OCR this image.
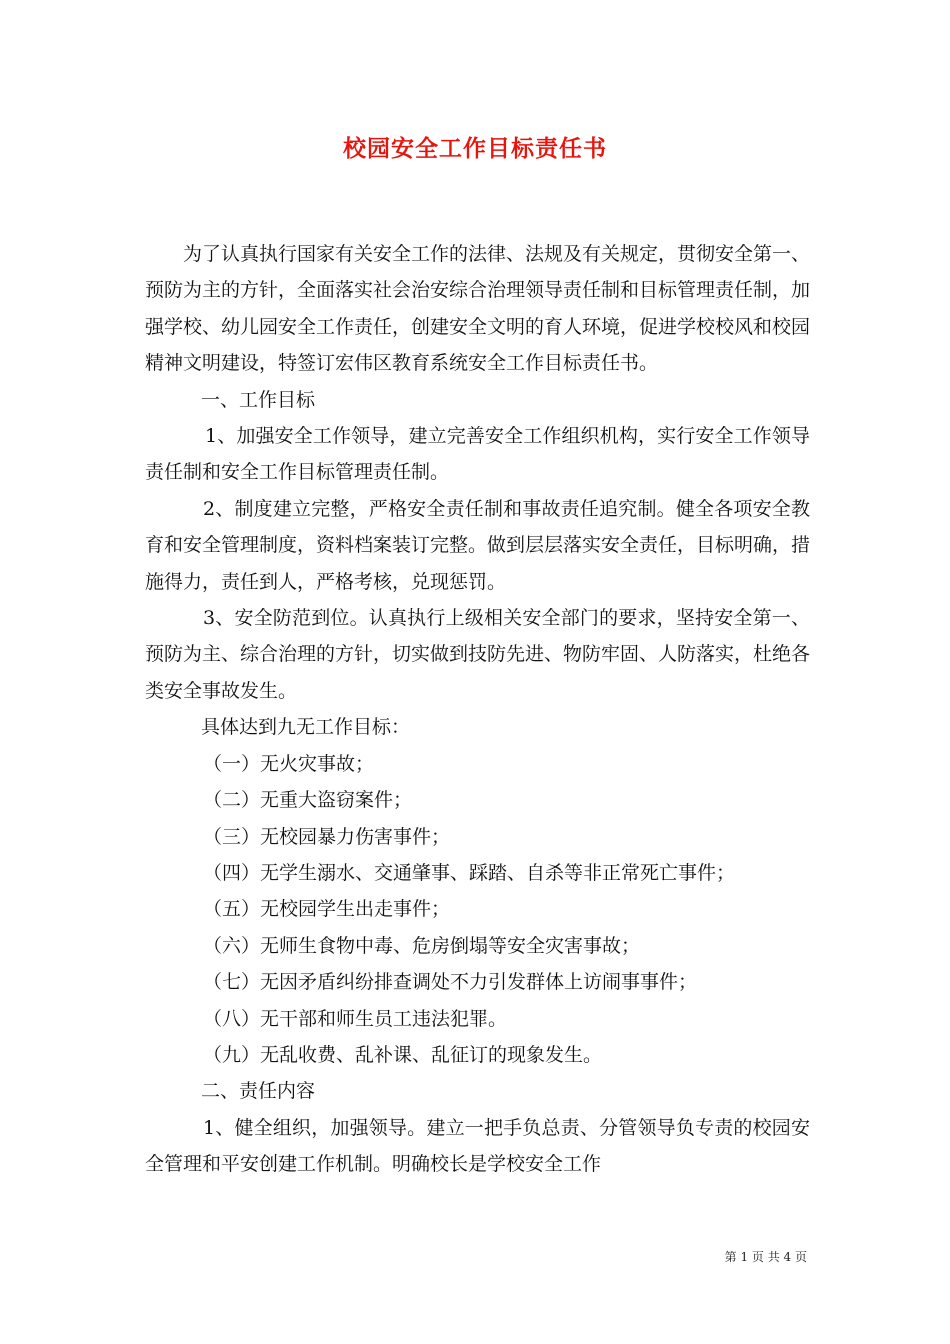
校园安全工作目标责任书

为了认真执行国家有关安全工作的法律、法规及有关规定，贯彻安全第一、预防为主的方针，全面落实社会治安综合治理领导责任制和目标管理责任制，加强学校、幼儿园安全工作责任，创建安全文明的育人环境，促进学校校风和校园精神文明建设，特签订宏伟区教育系统安全工作目标责任书。

一、工作目标

1、加强安全工作领导，建立完善安全工作组织机构，实行安全工作领导责任制和安全工作目标管理责任制。

2、制度建立完整，严格安全责任制和事故责任追究制。健全各项安全教育和安全管理制度，资料档案装订完整。做到层层落实安全责任，目标明确，措施得力，责任到人，严格考核，兑现惩罚。

3、安全防范到位。认真执行上级相关安全部门的要求，坚持安全第一、预防为主、综合治理的方针，切实做到技防先进、物防牢固、人防落实，杜绝各类安全事故发生。

具体达到九无工作目标：

（一）无火灾事故；

（二）无重大盗窃案件；

（三）无校园暴力伤害事件；

（四）无学生溺水、交通肇事、踩踏、自杀等非正常死亡事件；

（五）无校园学生出走事件；

（六）无师生食物中毒、危房倒塌等安全灾害事故；

（七）无因矛盾纠纷排查调处不力引发群体上访闹事事件；

（八）无干部和师生员工违法犯罪。

（九）无乱收费、乱补课、乱征订的现象发生。

二、责任内容

1、健全组织，加强领导。建立一把手负总责、分管领导负专责的校园安全管理和平安创建工作机制。明确校长是学校安全工作

第 1 页 共 4 页
